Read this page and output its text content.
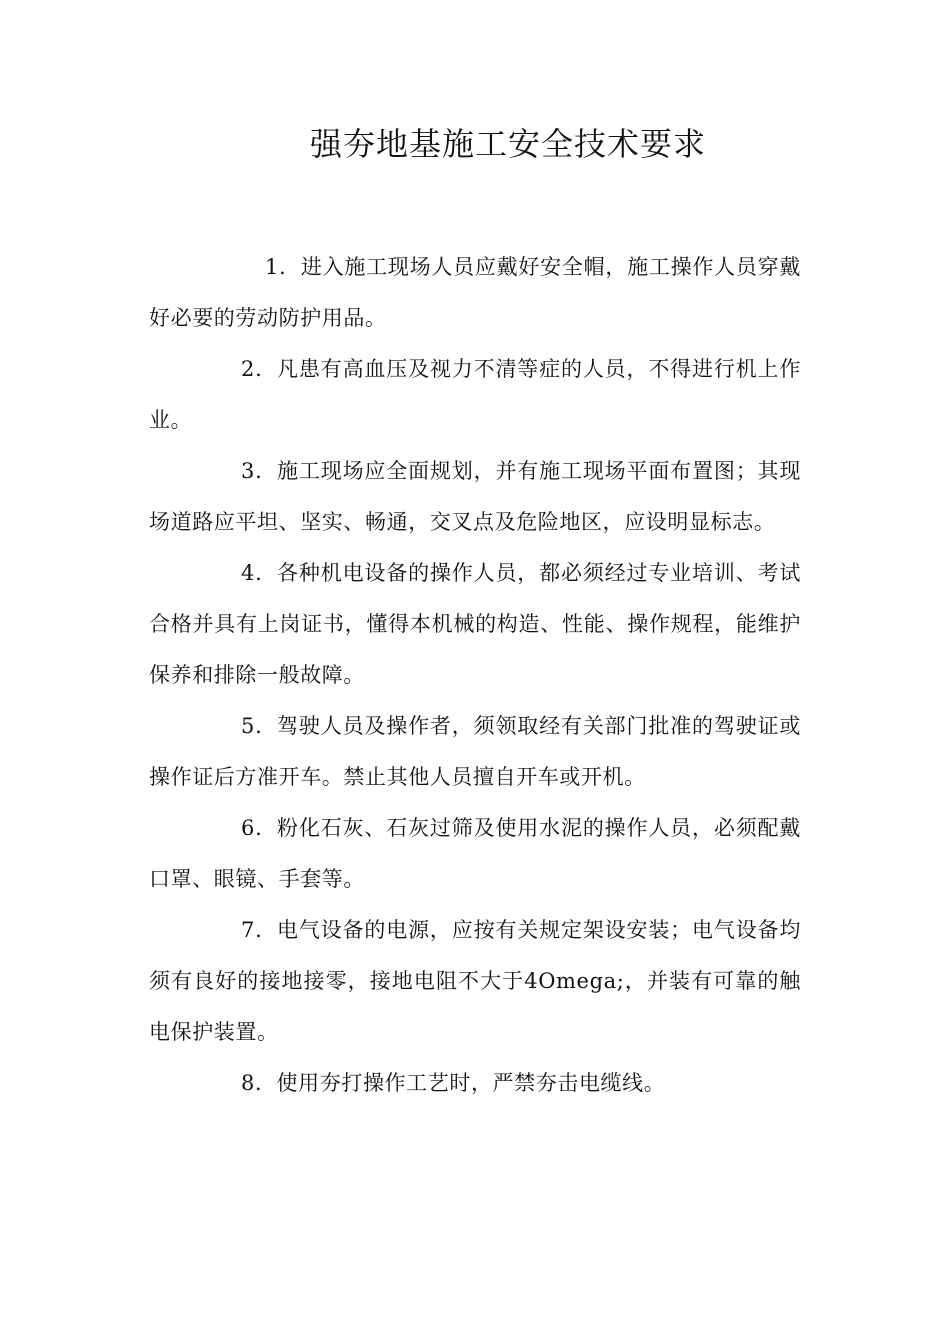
强夯地基施工安全技术要求

1．进入施工现场人员应戴好安全帽，施工操作人员穿戴好必要的劳动防护用品。

2．凡患有高血压及视力不清等症的人员，不得进行机上作业。

3．施工现场应全面规划，并有施工现场平面布置图；其现场道路应平坦、坚实、畅通，交叉点及危险地区，应设明显标志。

4．各种机电设备的操作人员，都必须经过专业培训、考试合格并具有上岗证书，懂得本机械的构造、性能、操作规程，能维护保养和排除一般故障。

5．驾驶人员及操作者，须领取经有关部门批准的驾驶证或操作证后方准开车。禁止其他人员擅自开车或开机。

6．粉化石灰、石灰过筛及使用水泥的操作人员，必须配戴口罩、眼镜、手套等。

7．电气设备的电源，应按有关规定架设安装；电气设备均须有良好的接地接零，接地电阻不大于4Omega;，并装有可靠的触电保护装置。

8．使用夯打操作工艺时，严禁夯击电缆线。
